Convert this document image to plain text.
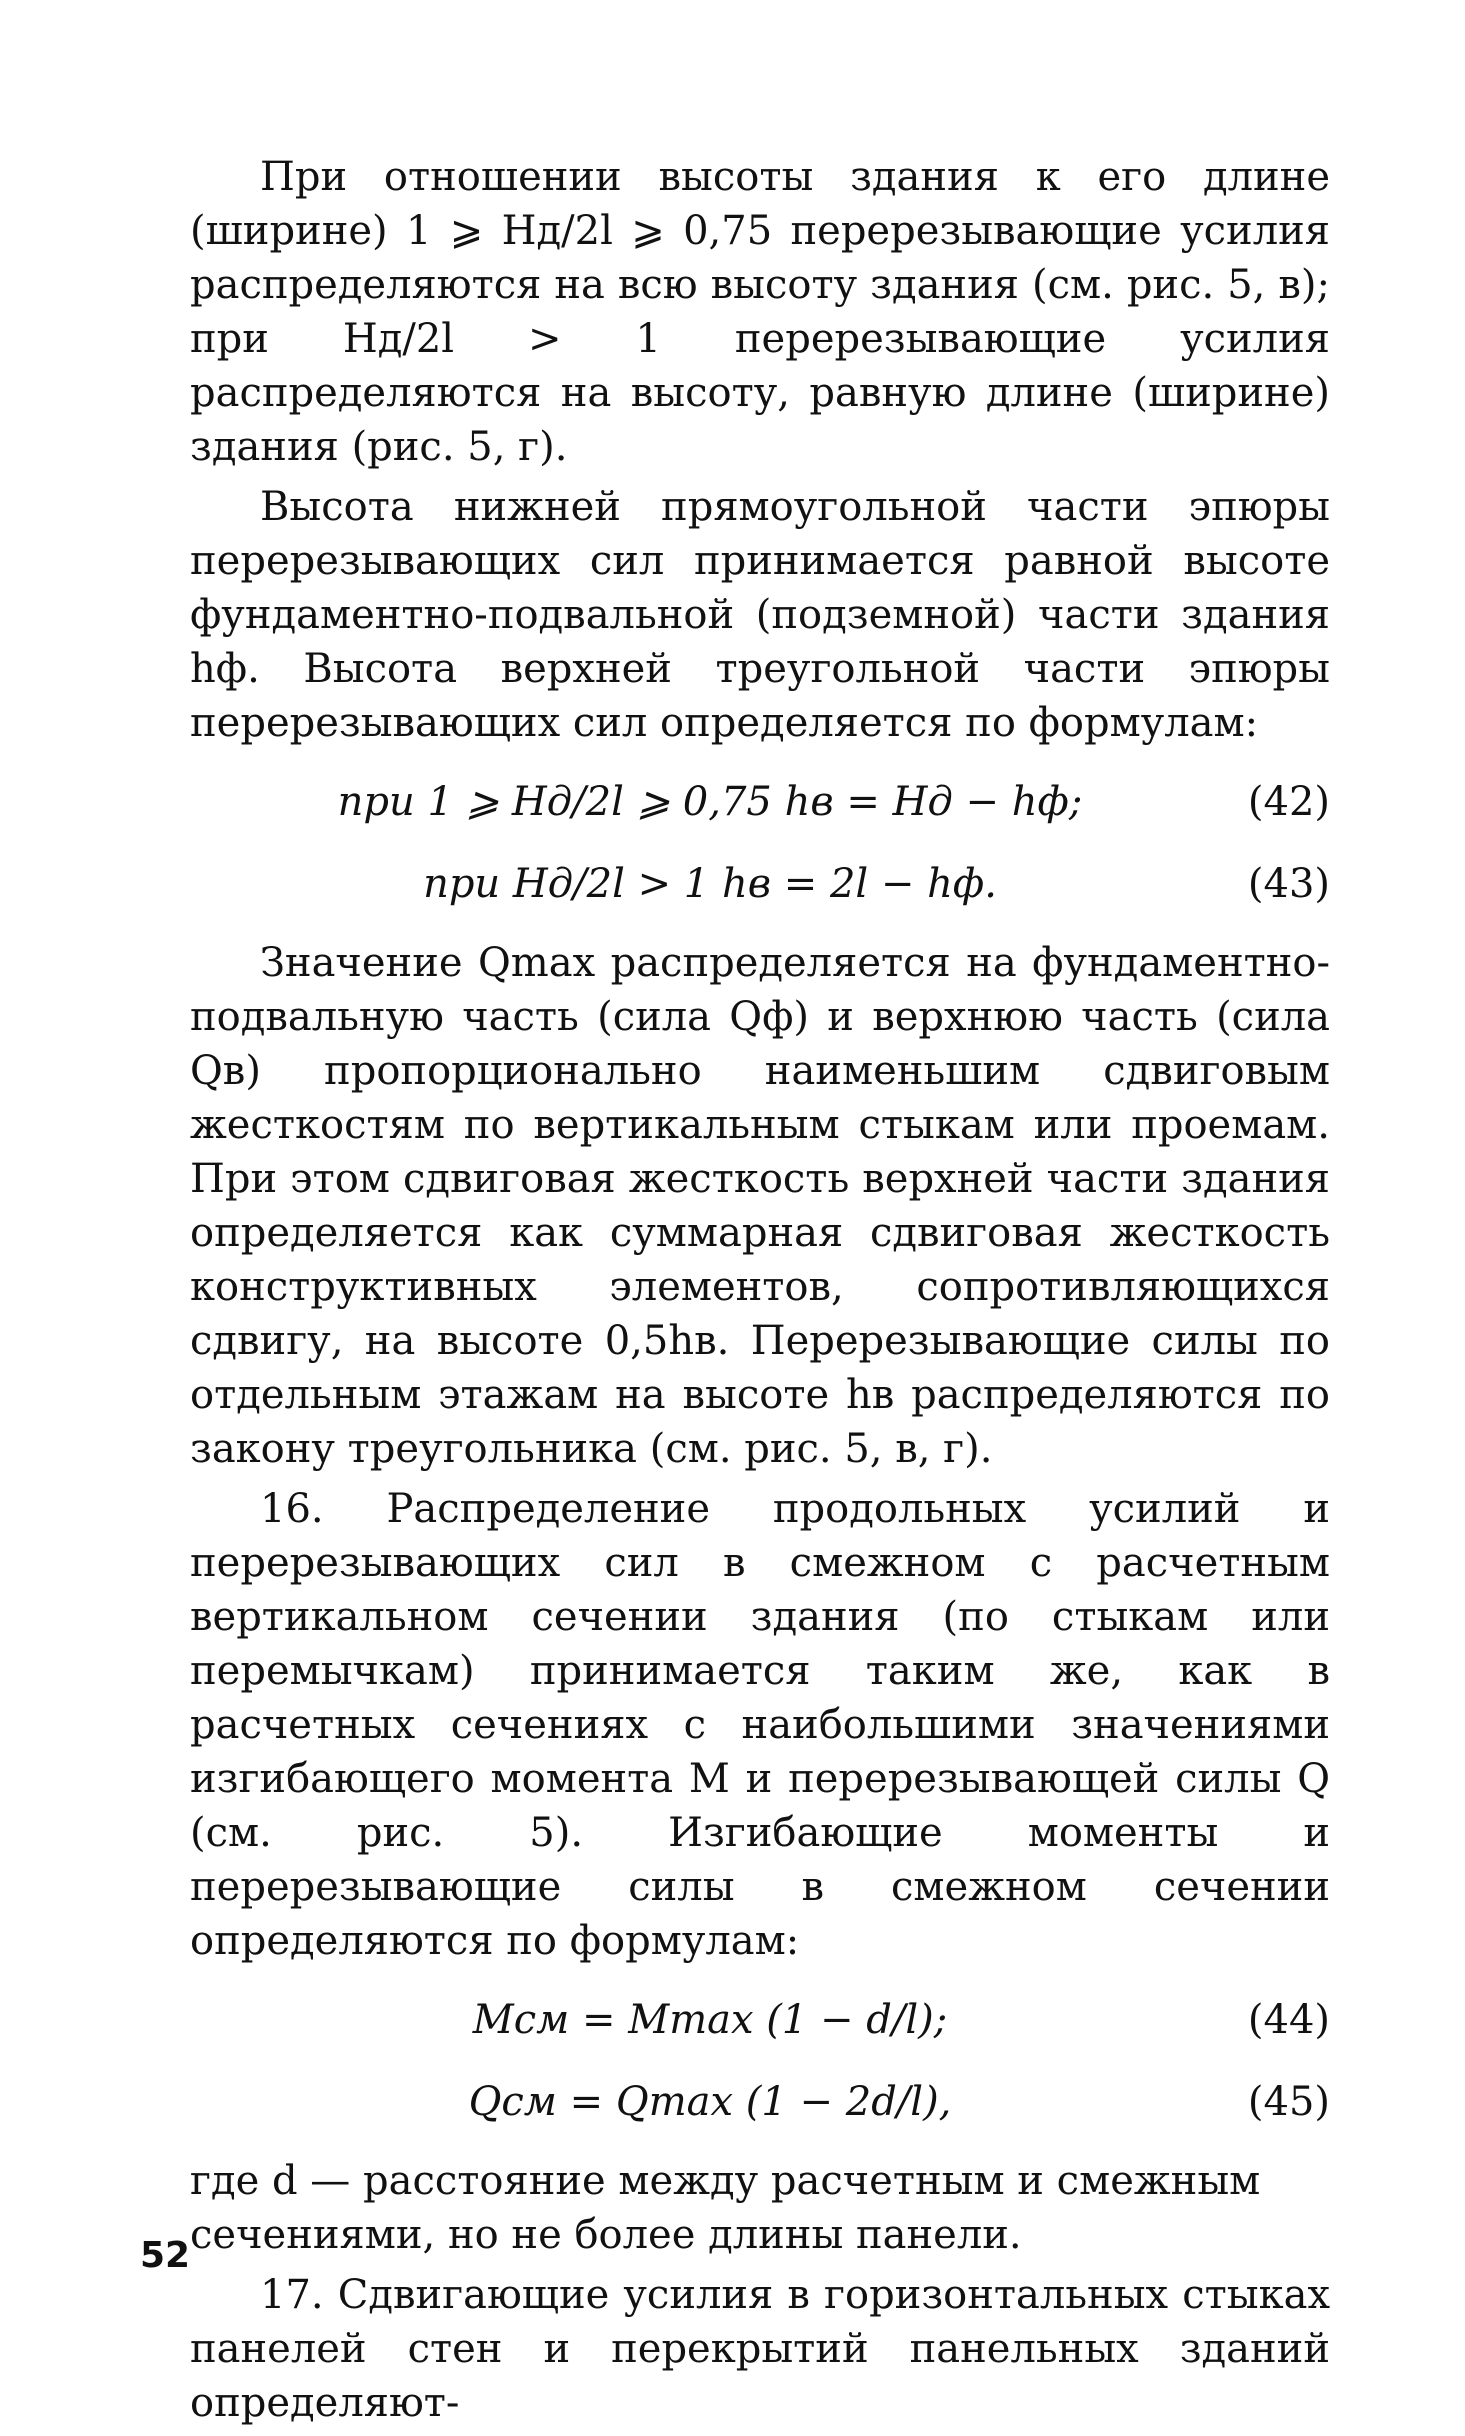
При отношении высоты здания к его длине (ширине) 1 ⩾ Hд/2l ⩾ 0,75 перерезывающие усилия распределяются на всю высоту здания (см. рис. 5, в); при Hд/2l > 1 перерезывающие усилия распределяются на высоту, равную длине (ширине) здания (рис. 5, г).

Высота нижней прямоугольной части эпюры перерезывающих сил принимается равной высоте фундаментно-подвальной (подземной) части здания hф. Высота верхней треугольной части эпюры перерезывающих сил определяется по формулам:

при 1 ⩾ Hд/2l ⩾ 0,75 hв = Hд − hф;	(42)
при Hд/2l > 1 hв = 2l − hф.	(43)

Значение Qmax распределяется на фундаментно-подвальную часть (сила Qф) и верхнюю часть (сила Qв) пропорционально наименьшим сдвиговым жесткостям по вертикальным стыкам или проемам. При этом сдвиговая жесткость верхней части здания определяется как суммарная сдвиговая жесткость конструктивных элементов, сопротивляющихся сдвигу, на высоте 0,5hв. Перерезывающие силы по отдельным этажам на высоте hв распределяются по закону треугольника (см. рис. 5, в, г).

16. Распределение продольных усилий и перерезывающих сил в смежном с расчетным вертикальном сечении здания (по стыкам или перемычкам) принимается таким же, как в расчетных сечениях с наибольшими значениями изгибающего момента M и перерезывающей силы Q (см. рис. 5). Изгибающие моменты и перерезывающие силы в смежном сечении определяются по формулам:

Mсм = Mmax (1 − d/l);	(44)
Qсм = Qmax (1 − 2d/l),	(45)

где d — расстояние между расчетным и смежным сечениями, но не более длины панели.

17. Сдвигающие усилия в горизонтальных стыках панелей стен и перекрытий панельных зданий определяют-

52
